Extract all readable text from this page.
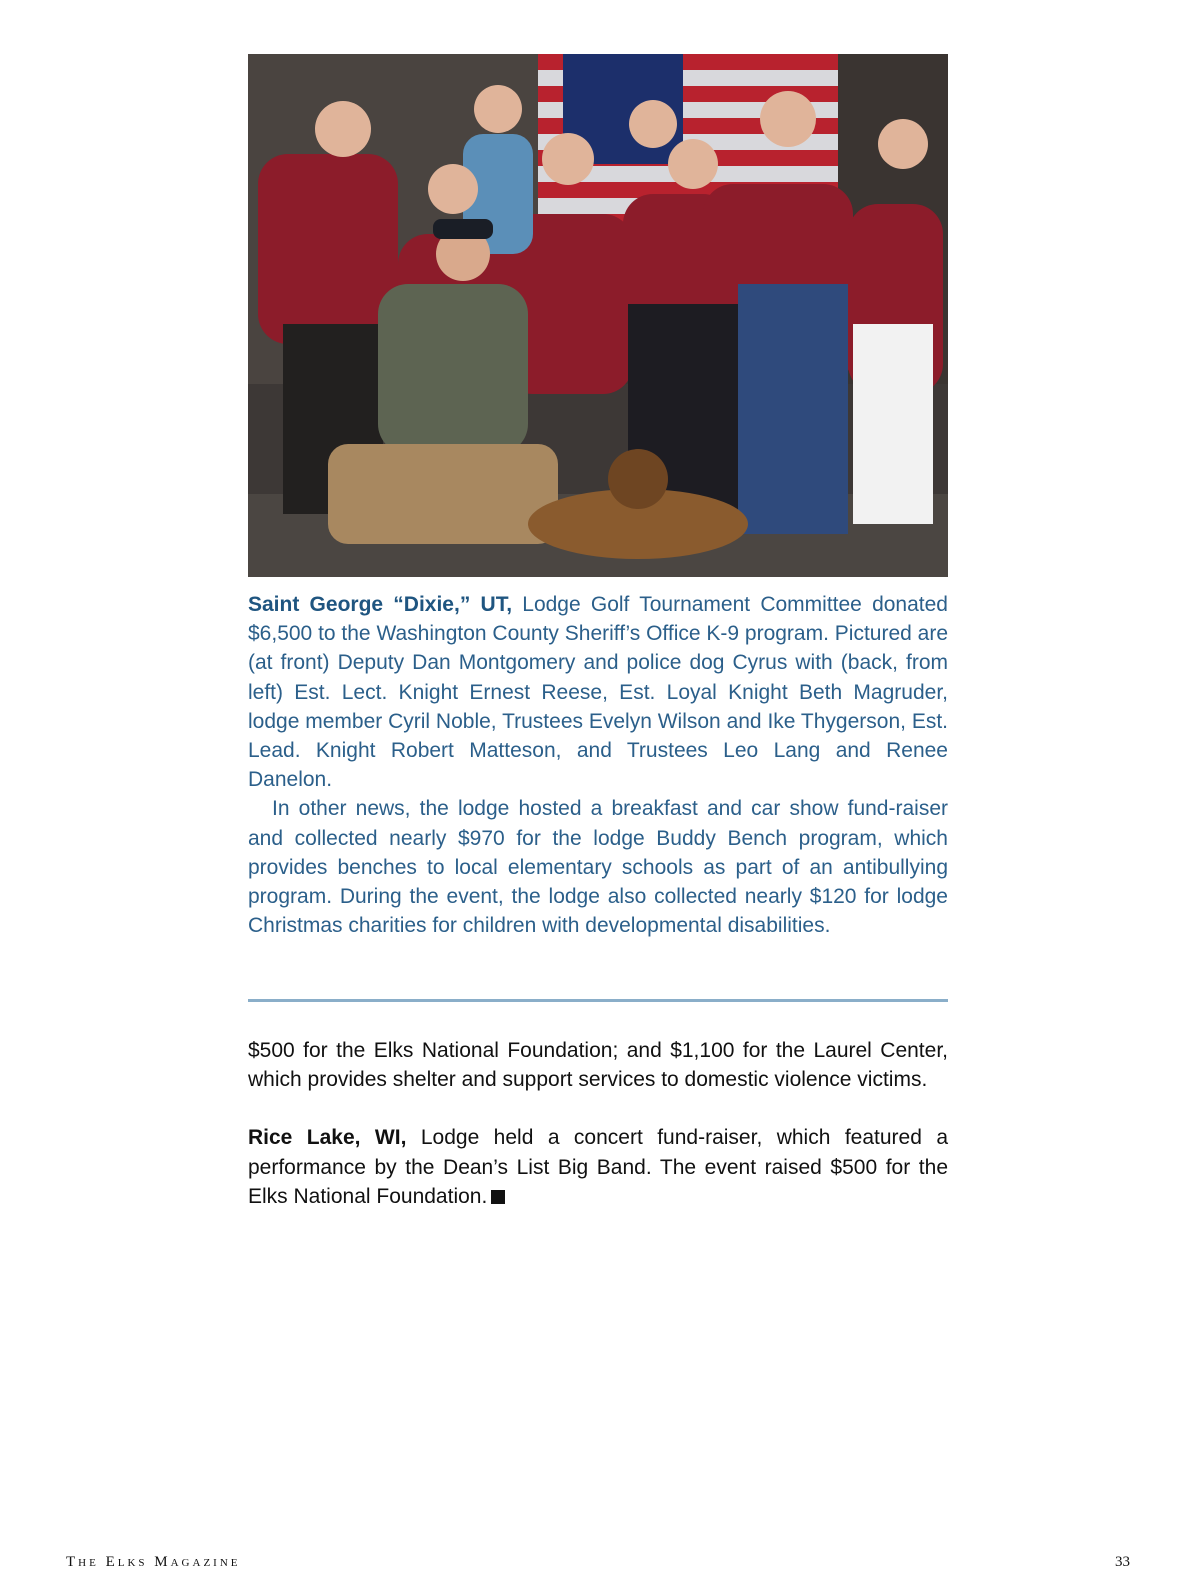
Saint George “Dixie,” UT, Lodge Golf Tournament Committee donated $6,500 to the Washington County Sheriff’s Office K-9 program. Pictured are (at front) Deputy Dan Montgomery and police dog Cyrus with (back, from left) Est. Lect. Knight Ernest Reese, Est. Loyal Knight Beth Magruder, lodge member Cyril Noble, Trustees Evelyn Wilson and Ike Thygerson, Est. Lead. Knight Robert Matteson, and Trustees Leo Lang and Renee Danelon.

In other news, the lodge hosted a breakfast and car show fund-raiser and collected nearly $970 for the lodge Buddy Bench program, which provides benches to local elementary schools as part of an antibullying program. During the event, the lodge also collected nearly $120 for lodge Christmas charities for children with developmental disabilities.

$500 for the Elks National Foundation; and $1,100 for the Laurel Center, which provides shelter and support services to domestic violence victims.

Rice Lake, WI, Lodge held a concert fund-raiser, which featured a performance by the Dean’s List Big Band. The event raised $500 for the Elks National Foundation.

The Elks Magazine	33
